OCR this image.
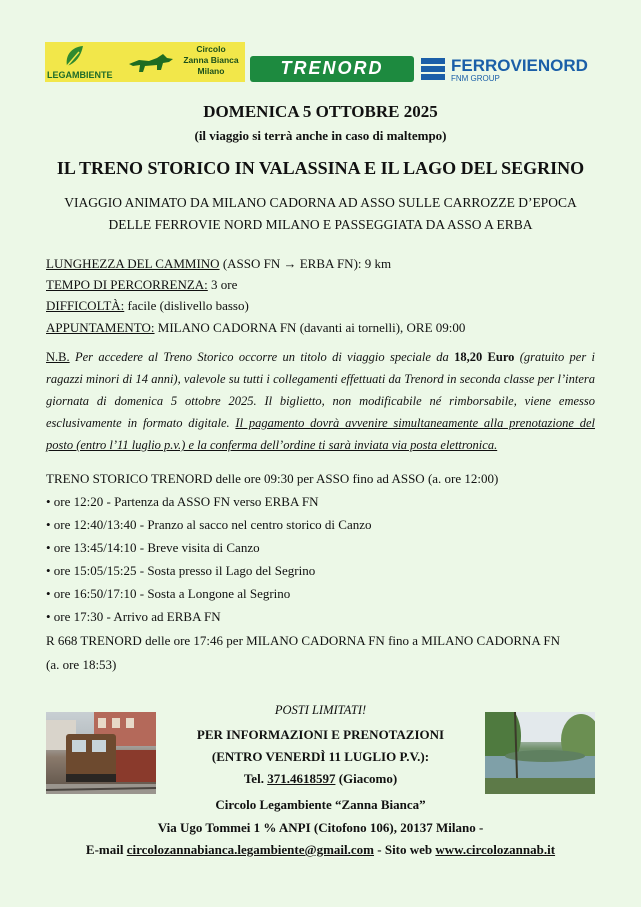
LEGAMBIENTE
Circolo
Zanna Bianca
Milano	TRENORD	FERROVIENORD
FNM GROUP
DOMENICA 5 OTTOBRE 2025
(il viaggio si terrà anche in caso di maltempo)
IL TRENO STORICO IN VALASSINA E IL LAGO DEL SEGRINO
VIAGGIO ANIMATO DA MILANO CADORNA AD ASSO SULLE CARROZZE D’EPOCA
DELLE FERROVIE NORD MILANO E PASSEGGIATA DA ASSO A ERBA
LUNGHEZZA DEL CAMMINO (ASSO FN → ERBA FN): 9 km
TEMPO DI PERCORRENZA: 3 ore
DIFFICOLTÀ: facile (dislivello basso)
APPUNTAMENTO: MILANO CADORNA FN (davanti ai tornelli), ORE 09:00
N.B. Per accedere al Treno Storico occorre un titolo di viaggio speciale da 18,20 Euro (gratuito per i ragazzi minori di 14 anni), valevole su tutti i collegamenti effettuati da Trenord in seconda classe per l’intera giornata di domenica 5 ottobre 2025. Il biglietto, non modificabile né rimborsabile, viene emesso esclusivamente in formato digitale. Il pagamento dovrà avvenire simultaneamente alla prenotazione del posto (entro l’11 luglio p.v.) e la conferma dell’ordine ti sarà inviata via posta elettronica.
TRENO STORICO TRENORD delle ore 09:30 per ASSO fino ad ASSO (a. ore 12:00)
• ore 12:20 - Partenza da ASSO FN verso ERBA FN
• ore 12:40/13:40 - Pranzo al sacco nel centro storico di Canzo
• ore 13:45/14:10 - Breve visita di Canzo
• ore 15:05/15:25 - Sosta presso il Lago del Segrino
• ore 16:50/17:10 - Sosta a Longone al Segrino
• ore 17:30 - Arrivo ad ERBA FN
R 668 TRENORD delle ore 17:46 per MILANO CADORNA FN fino a MILANO CADORNA FN
(a. ore 18:53)
POSTI LIMITATI!
PER INFORMAZIONI E PRENOTAZIONI
(ENTRO VENERDÌ 11 LUGLIO P.V.):
Tel. 371.4618597 (Giacomo)
Circolo Legambiente “Zanna Bianca”
Via Ugo Tommei 1 % ANPI (Citofono 106), 20137 Milano -
E-mail circolozannabianca.legambiente@gmail.com - Sito web www.circolozannab.it
